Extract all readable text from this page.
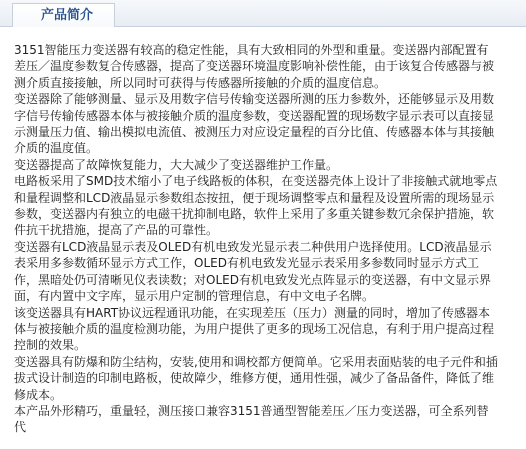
产品简介

3151智能压力变送器有较高的稳定性能，具有大致相同的外型和重量。变送器内部配置有差压／温度参数复合传感器，提高了变送器环境温度影响补偿性能，由于该复合传感器与被测介质直接接触，所以同时可获得与传感器所接触的介质的温度信息。

变送器除了能够测量、显示及用数字信号传输变送器所测的压力参数外，还能够显示及用数字信号传输传感器本体与被接触介质的温度参数，变送器配置的现场数字显示表可以直接显示测量压力值、输出模拟电流值、被测压力对应设定量程的百分比值、传感器本体与其接触介质的温度值。

变送器提高了故障恢复能力，大大减少了变送器维护工作量。

电路板采用了SMD技术缩小了电子线路板的体积，在变送器壳体上设计了非接触式就地零点和量程调整和LCD液晶显示参数组态按扭，便于现场调整零点和量程及设置所需的现场显示参数，变送器内有独立的电磁干扰抑制电路，软件上采用了多重关键参数冗余保护措施，软件抗干扰措施，提高了产品的可靠性。

变送器有LCD液晶显示表及OLED有机电致发光显示表二种供用户选择使用。LCD液晶显示表采用多参数循环显示方式工作，OLED有机电致发光显示表采用多参数同时显示方式工作，黑暗处仍可清晰见仪表读数；对OLED有机电致发光点阵显示的变送器，有中文显示界面，有内置中文字库，显示用户定制的管理信息，有中文电子名牌。

该变送器具有HART协议远程通讯功能，在实现差压（压力）测量的同时，增加了传感器本体与被接触介质的温度检测功能，为用户提供了更多的现场工况信息，有利于用户提高过程控制的效果。

变送器具有防爆和防尘结构，安装,使用和调校都方便简单。它采用表面贴装的电子元件和插拔式设计制造的印制电路板，使故障少，维修方便，通用性强，减少了备品备件，降低了维修成本。

本产品外形精巧，重量轻，测压接口兼容3151普通型智能差压／压力变送器，可全系列替代
